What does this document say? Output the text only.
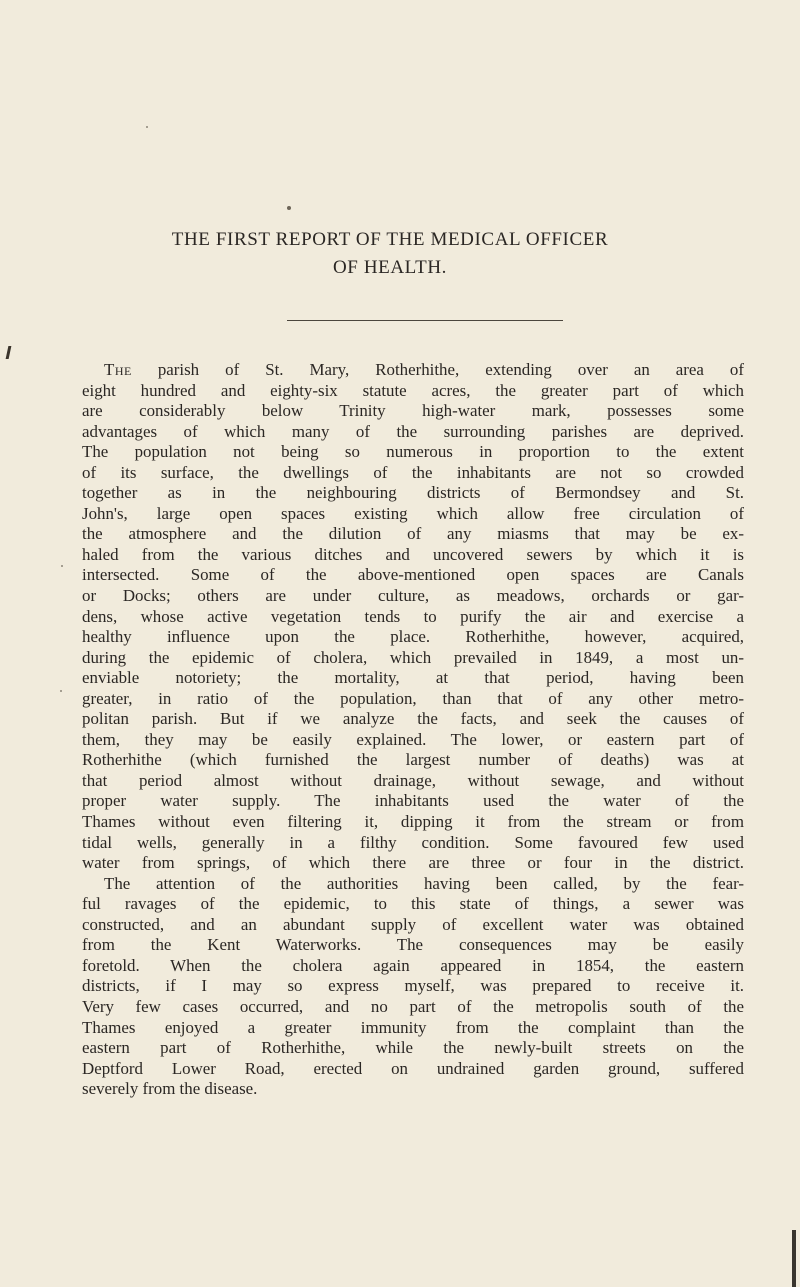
THE FIRST REPORT OF THE MEDICAL OFFICER
OF HEALTH.
The parish of St. Mary, Rotherhithe, extending over an area of
eight hundred and eighty-six statute acres, the greater part of which
are considerably below Trinity high-water mark, possesses some
advantages of which many of the surrounding parishes are deprived.
The population not being so numerous in proportion to the extent
of its surface, the dwellings of the inhabitants are not so crowded
together as in the neighbouring districts of Bermondsey and St.
John's, large open spaces existing which allow free circulation of
the atmosphere and the dilution of any miasms that may be ex-
haled from the various ditches and uncovered sewers by which it is
intersected. Some of the above-mentioned open spaces are Canals
or Docks; others are under culture, as meadows, orchards or gar-
dens, whose active vegetation tends to purify the air and exercise a
healthy influence upon the place. Rotherhithe, however, acquired,
during the epidemic of cholera, which prevailed in 1849, a most un-
enviable notoriety; the mortality, at that period, having been
greater, in ratio of the population, than that of any other metro-
politan parish. But if we analyze the facts, and seek the causes of
them, they may be easily explained. The lower, or eastern part of
Rotherhithe (which furnished the largest number of deaths) was at
that period almost without drainage, without sewage, and without
proper water supply. The inhabitants used the water of the
Thames without even filtering it, dipping it from the stream or from
tidal wells, generally in a filthy condition. Some favoured few used
water from springs, of which there are three or four in the district.
The attention of the authorities having been called, by the fear-
ful ravages of the epidemic, to this state of things, a sewer was
constructed, and an abundant supply of excellent water was obtained
from the Kent Waterworks. The consequences may be easily
foretold. When the cholera again appeared in 1854, the eastern
districts, if I may so express myself, was prepared to receive it.
Very few cases occurred, and no part of the metropolis south of the
Thames enjoyed a greater immunity from the complaint than the
eastern part of Rotherhithe, while the newly-built streets on the
Deptford Lower Road, erected on undrained garden ground, suffered
severely from the disease.
